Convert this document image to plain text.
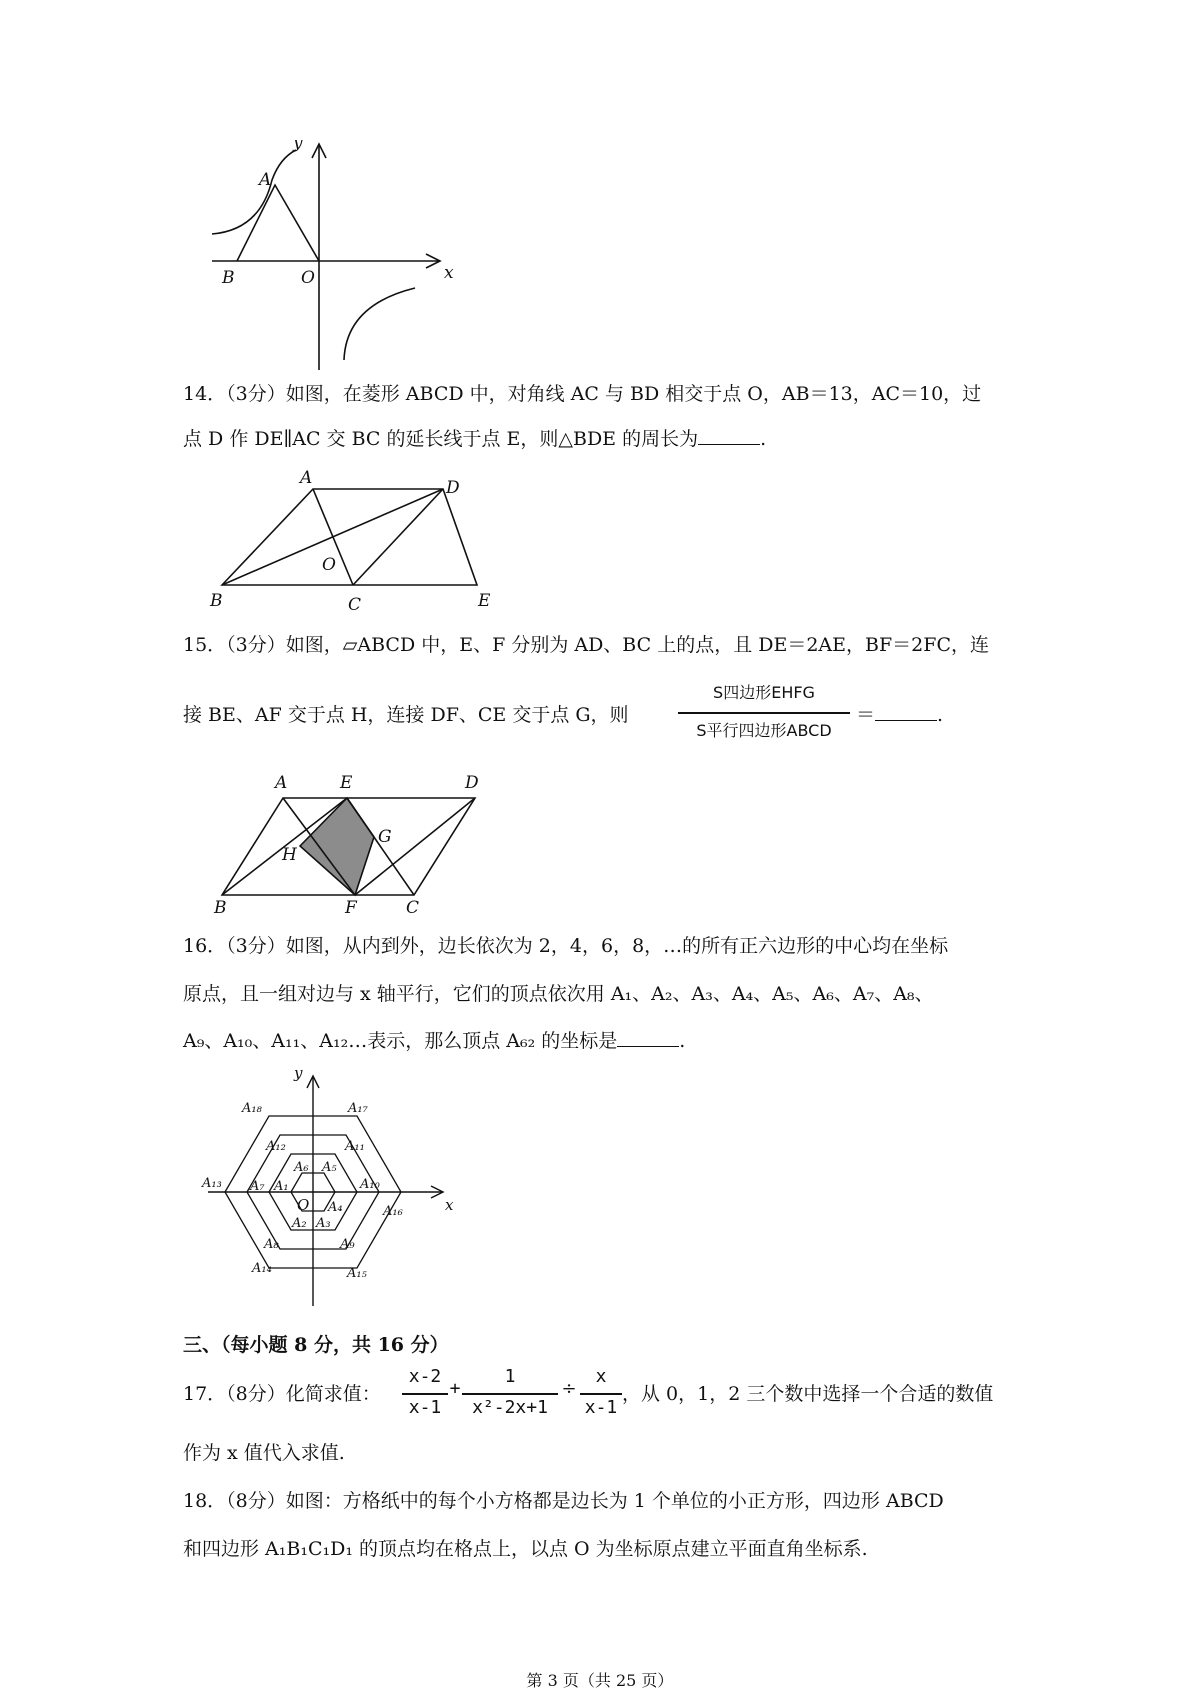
y
x
A
B	O
14．（3分）如图，在菱形 ABCD 中，对角线 AC 与 BD 相交于点 O，AB＝13，AC＝10，过
点 D 作 DE∥AC 交 BC 的延长线于点 E，则△BDE 的周长为	.
A	D
O
B	C	E
15．（3分）如图，▱ABCD 中，E、F 分别为 AD、BC 上的点，且 DE＝2AE，BF＝2FC，连
接 BE、AF 交于点 H，连接 DF、CE 交于点 G，则
S四边形EHFG
S平行四边形ABCD
＝	.
A	E	D
H
G
B	F	C
16．（3分）如图，从内到外，边长依次为 2，4，6，8，…的所有正六边形的中心均在坐标
原点，且一组对边与 x 轴平行，它们的顶点依次用 A₁、A₂、A₃、A₄、A₅、A₆、A₇、A₈、
A₉、A₁₀、A₁₁、A₁₂…表示，那么顶点 A₆₂ 的坐标是	.
y
x
O
A₁
A₂ A₃
A₄
A₅
A₆
A₇
A₈	A₉
A₁₀
A₁₁
A₁₂
A₁₃
A₁₄	A₁₅
A₁₆
A₁₇
A₁₈
三、（每小题 8 分，共 16 分）
17．（8分）化简求值：
x-2
x-1
+
1
x²-2x+1
÷
x
x-1
，从 0，1，2 三个数中选择一个合适的数值
作为 x 值代入求值.
18．（8分）如图：方格纸中的每个小方格都是边长为 1 个单位的小正方形，四边形 ABCD
和四边形 A₁B₁C₁D₁ 的顶点均在格点上，以点 O 为坐标原点建立平面直角坐标系.
第 3 页（共 25 页）
